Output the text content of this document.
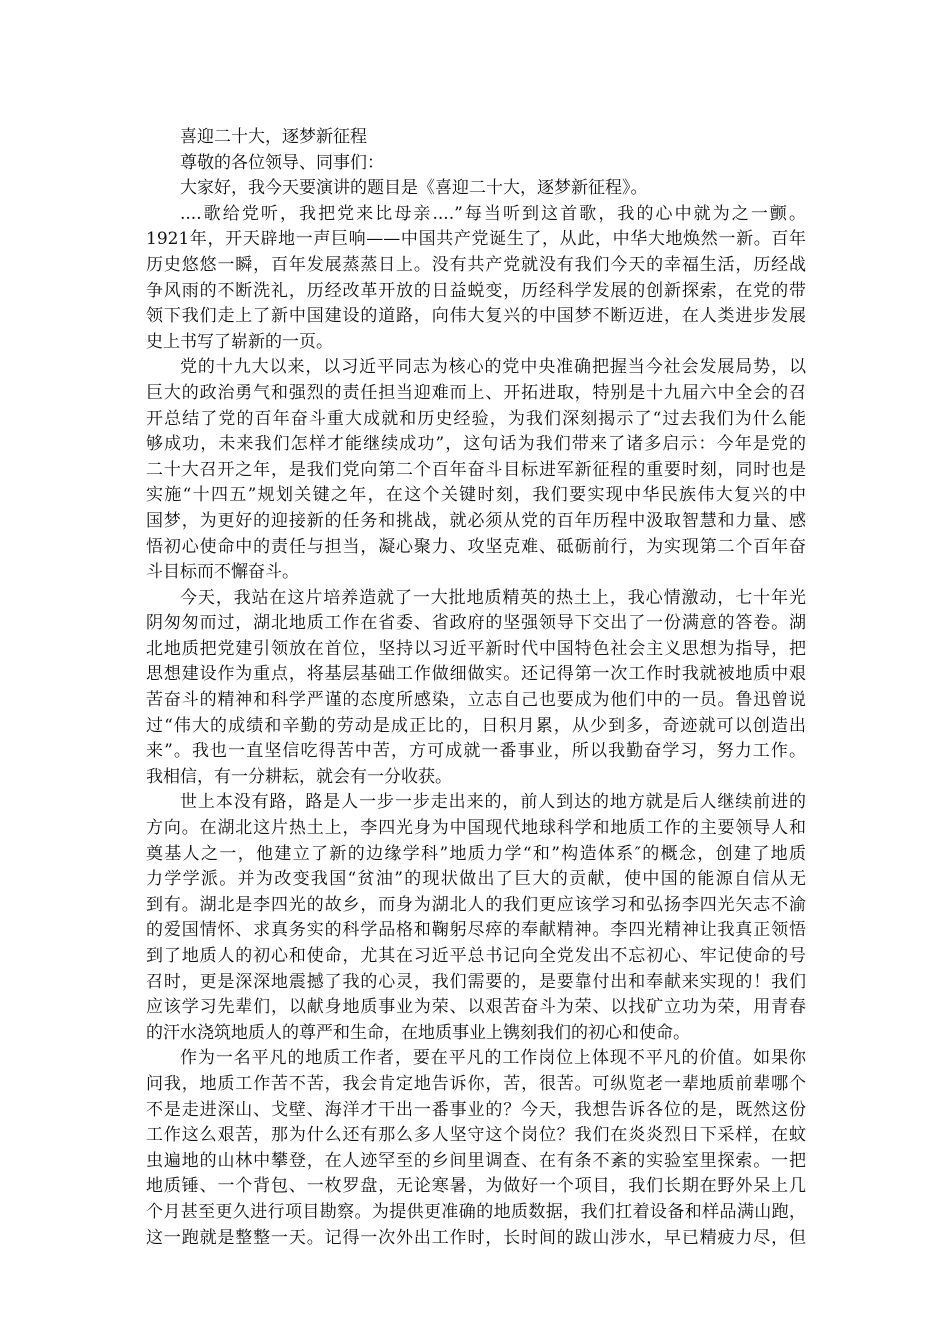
喜迎二十大，逐梦新征程
尊敬的各位领导、同事们：
大家好，我今天要演讲的题目是《喜迎二十大，逐梦新征程》。
....歌给党听，我把党来比母亲....”每当听到这首歌，我的心中就为之一颤。
1921年，开天辟地一声巨响——中国共产党诞生了，从此，中华大地焕然一新。百年
历史悠悠一瞬，百年发展蒸蒸日上。没有共产党就没有我们今天的幸福生活，历经战
争风雨的不断洗礼，历经改革开放的日益蜕变，历经科学发展的创新探索，在党的带
领下我们走上了新中国建设的道路，向伟大复兴的中国梦不断迈进，在人类进步发展
史上书写了崭新的一页。
党的十九大以来，以习近平同志为核心的党中央准确把握当今社会发展局势，以
巨大的政治勇气和强烈的责任担当迎难而上、开拓进取，特别是十九届六中全会的召
开总结了党的百年奋斗重大成就和历史经验，为我们深刻揭示了“过去我们为什么能
够成功，未来我们怎样才能继续成功”，这句话为我们带来了诸多启示：今年是党的
二十大召开之年，是我们党向第二个百年奋斗目标进军新征程的重要时刻，同时也是
实施“十四五”规划关键之年，在这个关键时刻，我们要实现中华民族伟大复兴的中
国梦，为更好的迎接新的任务和挑战，就必须从党的百年历程中汲取智慧和力量、感
悟初心使命中的责任与担当，凝心聚力、攻坚克难、砥砺前行，为实现第二个百年奋
斗目标而不懈奋斗。
今天，我站在这片培养造就了一大批地质精英的热土上，我心情激动，七十年光
阴匆匆而过，湖北地质工作在省委、省政府的坚强领导下交出了一份满意的答卷。湖
北地质把党建引领放在首位，坚持以习近平新时代中国特色社会主义思想为指导，把
思想建设作为重点，将基层基础工作做细做实。还记得第一次工作时我就被地质中艰
苦奋斗的精神和科学严谨的态度所感染，立志自己也要成为他们中的一员。鲁迅曾说
过“伟大的成绩和辛勤的劳动是成正比的，日积月累，从少到多，奇迹就可以创造出
来”。我也一直坚信吃得苦中苦，方可成就一番事业，所以我勤奋学习，努力工作。
我相信，有一分耕耘，就会有一分收获。
世上本没有路，路是人一步一步走出来的，前人到达的地方就是后人继续前进的
方向。在湖北这片热土上，李四光身为中国现代地球科学和地质工作的主要领导人和
奠基人之一，他建立了新的边缘学科”地质力学“和”构造体系″的概念，创建了地质
力学学派。并为改变我国“贫油”的现状做出了巨大的贡献，使中国的能源自信从无
到有。湖北是李四光的故乡，而身为湖北人的我们更应该学习和弘扬李四光矢志不渝
的爱国情怀、求真务实的科学品格和鞠躬尽瘁的奉献精神。李四光精神让我真正领悟
到了地质人的初心和使命，尤其在习近平总书记向全党发出不忘初心、牢记使命的号
召时，更是深深地震撼了我的心灵，我们需要的，是要靠付出和奉献来实现的！我们
应该学习先辈们，以献身地质事业为荣、以艰苦奋斗为荣、以找矿立功为荣，用青春
的汗水浇筑地质人的尊严和生命，在地质事业上镌刻我们的初心和使命。
作为一名平凡的地质工作者，要在平凡的工作岗位上体现不平凡的价值。如果你
问我，地质工作苦不苦，我会肯定地告诉你，苦，很苦。可纵览老一辈地质前辈哪个
不是走进深山、戈壁、海洋才干出一番事业的？今天，我想告诉各位的是，既然这份
工作这么艰苦，那为什么还有那么多人坚守这个岗位？我们在炎炎烈日下采样，在蚊
虫遍地的山林中攀登，在人迹罕至的乡间里调查、在有条不紊的实验室里探索。一把
地质锤、一个背包、一枚罗盘，无论寒暑，为做好一个项目，我们长期在野外呆上几
个月甚至更久进行项目勘察。为提供更准确的地质数据，我们扛着设备和样品满山跑，
这一跑就是整整一天。记得一次外出工作时，长时间的跋山涉水，早已精疲力尽，但
